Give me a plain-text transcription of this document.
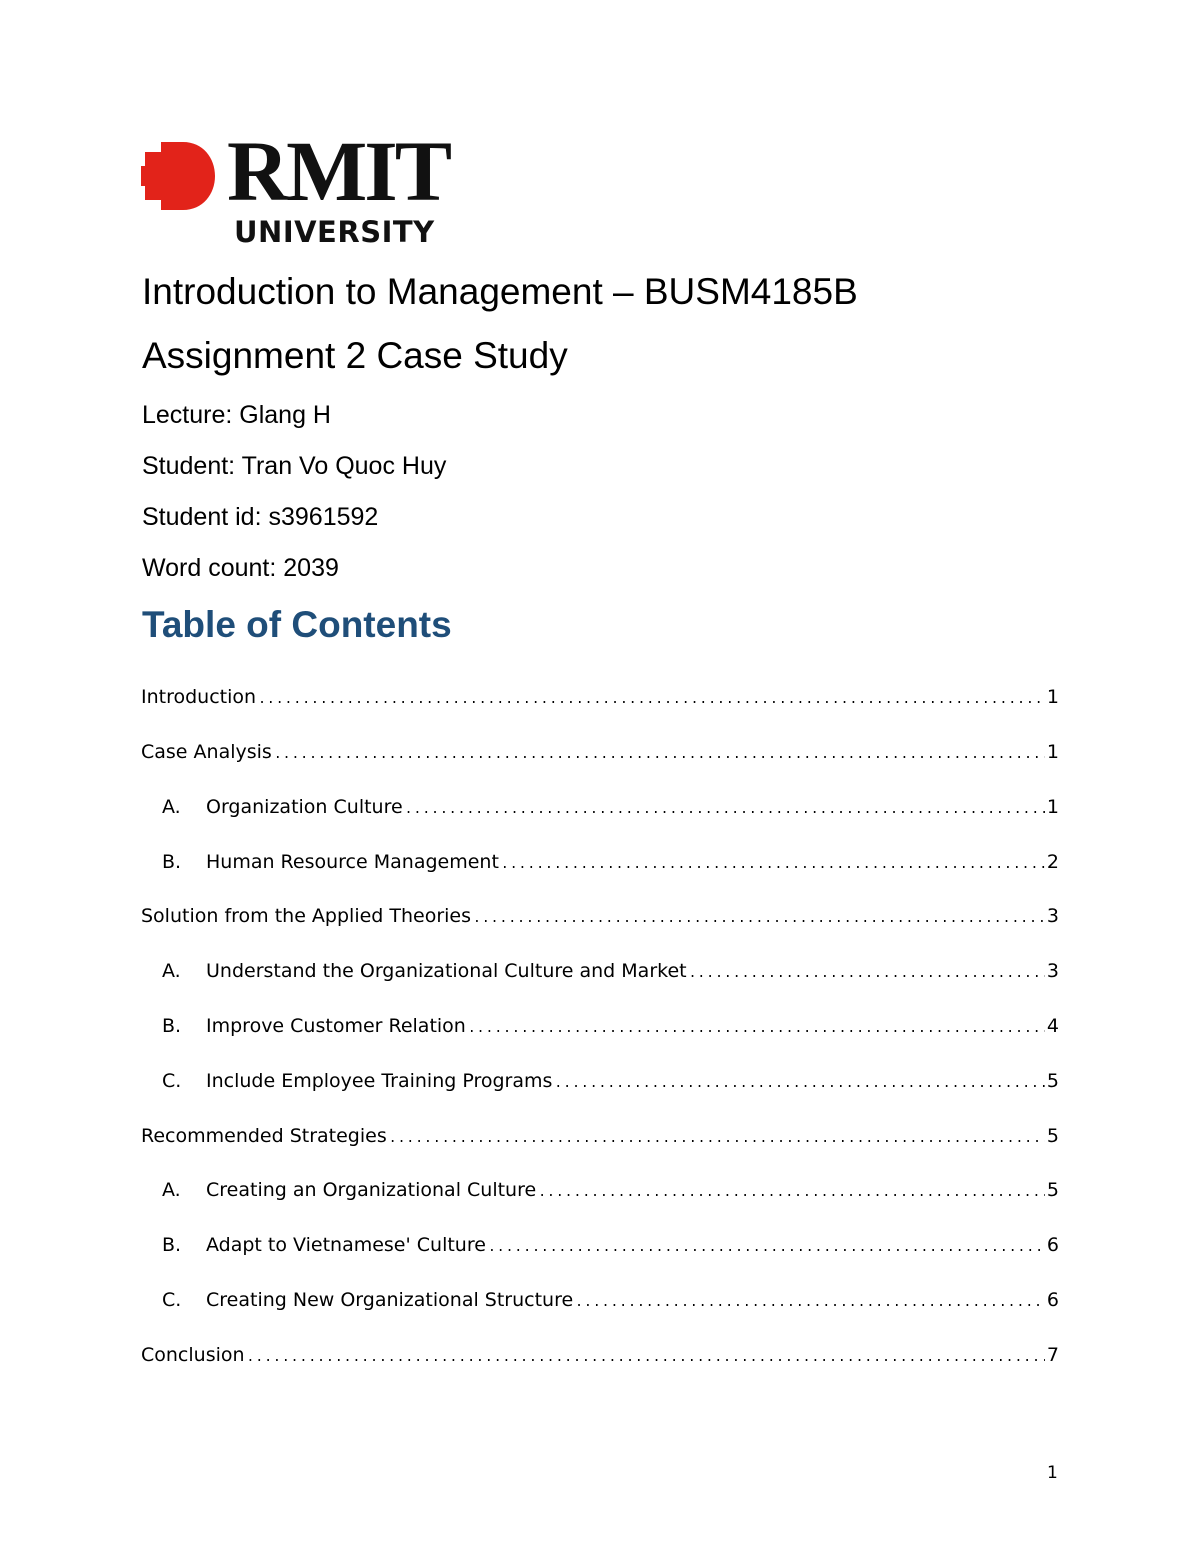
RMIT
UNIVERSITY
Introduction to Management – BUSM4185B
Assignment 2 Case Study
Lecture: Glang H
Student: Tran Vo Quoc Huy
Student id: s3961592
Word count: 2039
Table of Contents
Introduction .....	1
Case Analysis .....	1
A.	Organization Culture .....	1
B.	Human Resource Management .....	2
Solution from the Applied Theories .....	3
A.	Understand the Organizational Culture and Market .....	3
B.	Improve Customer Relation .....	4
C.	Include Employee Training Programs .....	5
Recommended Strategies .....	5
A.	Creating an Organizational Culture .....	5
B.	Adapt to Vietnamese' Culture .....	6
C.	Creating New Organizational Structure .....	6
Conclusion .....	7
1
